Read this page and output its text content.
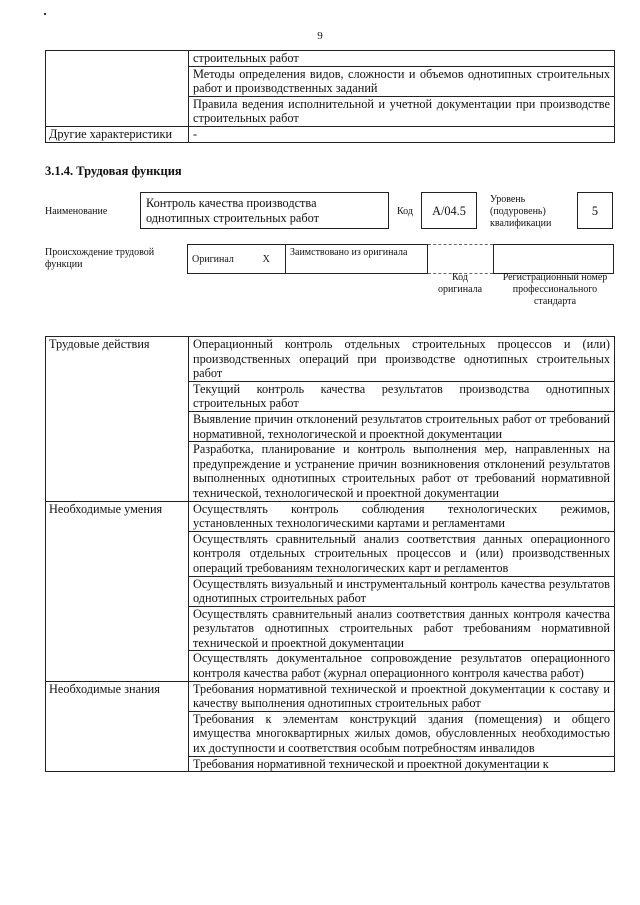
9
	строительных работ
	Методы определения видов, сложности и объемов однотипных строительных работ и производственных заданий
	Правила ведения исполнительной и учетной документации при производстве строительных работ
Другие характеристики	-
3.1.4. Трудовая функция
Наименование
Контроль качества производства однотипных строительных работ	Код	А/04.5
Уровень (подуровень) квалификации
5
Происхождение трудовой функции	Оригинал	Х	Заимствовано из оригинала		
Код оригинала
Регистрационный номер профессионального стандарта
Трудовые действия	Операционный контроль отдельных строительных процессов и (или) производственных операций при производстве однотипных строительных работ
	Текущий контроль качества результатов производства однотипных строительных работ
	Выявление причин отклонений результатов строительных работ от требований нормативной, технологической и проектной документации
	Разработка, планирование и контроль выполнения мер, направленных на предупреждение и устранение причин возникновения отклонений результатов выполненных однотипных строительных работ от требований нормативной технической, технологической и проектной документации
Необходимые умения	Осуществлять контроль соблюдения технологических режимов, установленных технологическими картами и регламентами
	Осуществлять сравнительный анализ соответствия данных операционного контроля отдельных строительных процессов и (или) производственных операций требованиям технологических карт и регламентов
	Осуществлять визуальный и инструментальный контроль качества результатов однотипных строительных работ
	Осуществлять сравнительный анализ соответствия данных контроля качества результатов однотипных строительных работ требованиям нормативной технической и проектной документации
	Осуществлять документальное сопровождение результатов операционного контроля качества работ (журнал операционного контроля качества работ)
Необходимые знания	Требования нормативной технической и проектной документации к составу и качеству выполнения однотипных строительных работ
	Требования к элементам конструкций здания (помещения) и общего имущества многоквартирных жилых домов, обусловленных необходимостью их доступности и соответствия особым потребностям инвалидов
	Требования нормативной технической и проектной документации к
